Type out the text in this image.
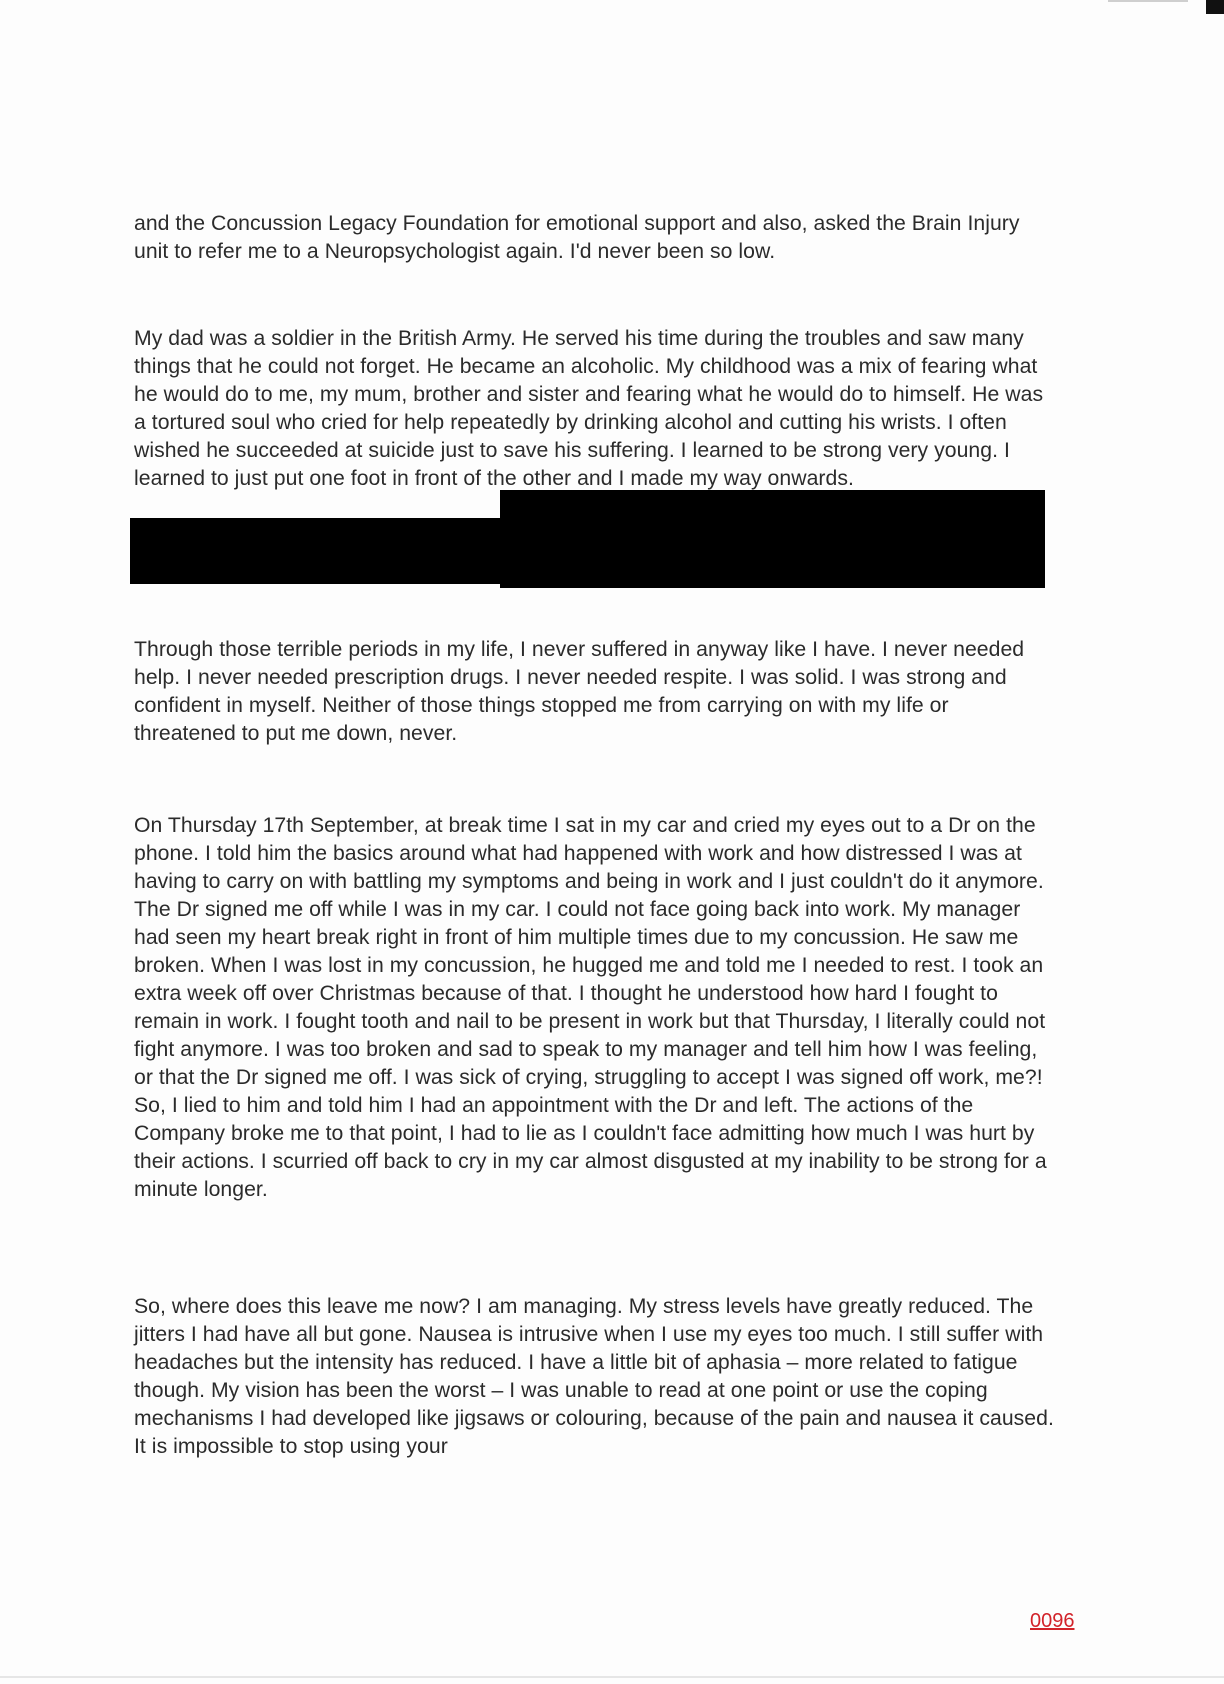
and the Concussion Legacy Foundation for emotional support and also, asked the Brain Injury unit to refer me to a Neuropsychologist again. I'd never been so low.

My dad was a soldier in the British Army. He served his time during the troubles and saw many things that he could not forget. He became an alcoholic. My childhood was a mix of fearing what he would do to me, my mum, brother and sister and fearing what he would do to himself. He was a tortured soul who cried for help repeatedly by drinking alcohol and cutting his wrists. I often wished he succeeded at suicide just to save his suffering. I learned to be strong very young. I learned to just put one foot in front of the other and I made my way onwards.

Through those terrible periods in my life, I never suffered in anyway like I have. I never needed help. I never needed prescription drugs. I never needed respite. I was solid. I was strong and confident in myself. Neither of those things stopped me from carrying on with my life or threatened to put me down, never.

On Thursday 17th September, at break time I sat in my car and cried my eyes out to a Dr on the phone. I told him the basics around what had happened with work and how distressed I was at having to carry on with battling my symptoms and being in work and I just couldn't do it anymore. The Dr signed me off while I was in my car. I could not face going back into work. My manager had seen my heart break right in front of him multiple times due to my concussion. He saw me broken. When I was lost in my concussion, he hugged me and told me I needed to rest. I took an extra week off over Christmas because of that. I thought he understood how hard I fought to remain in work. I fought tooth and nail to be present in work but that Thursday, I literally could not fight anymore. I was too broken and sad to speak to my manager and tell him how I was feeling, or that the Dr signed me off. I was sick of crying, struggling to accept I was signed off work, me?! So, I lied to him and told him I had an appointment with the Dr and left. The actions of the Company broke me to that point, I had to lie as I couldn't face admitting how much I was hurt by their actions. I scurried off back to cry in my car almost disgusted at my inability to be strong for a minute longer.

So, where does this leave me now? I am managing. My stress levels have greatly reduced. The jitters I had have all but gone. Nausea is intrusive when I use my eyes too much. I still suffer with headaches but the intensity has reduced. I have a little bit of aphasia – more related to fatigue though. My vision has been the worst – I was unable to read at one point or use the coping mechanisms I had developed like jigsaws or colouring, because of the pain and nausea it caused. It is impossible to stop using your

0096
